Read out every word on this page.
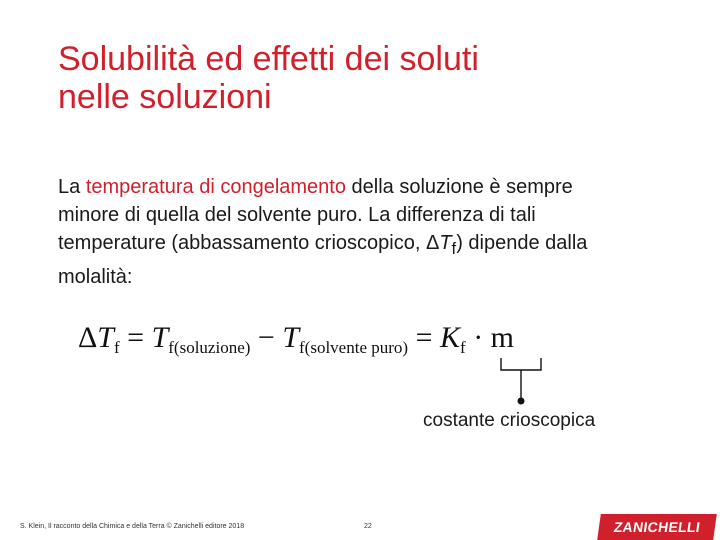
Solubilità ed effetti dei soluti
nelle soluzioni
La temperatura di congelamento della soluzione è sempre minore di quella del solvente puro. La differenza di tali temperature (abbassamento crioscopico, $\Delta T_f$) dipende dalla molalità:
$\Delta T_f = T_{f(soluzione)} - T_{f(solvente puro)} = K_f \cdot m$
costante crioscopica
S. Klein, Il racconto della Chimica e della Terra © Zanichelli editore 2018	22	ZANICHELLI
